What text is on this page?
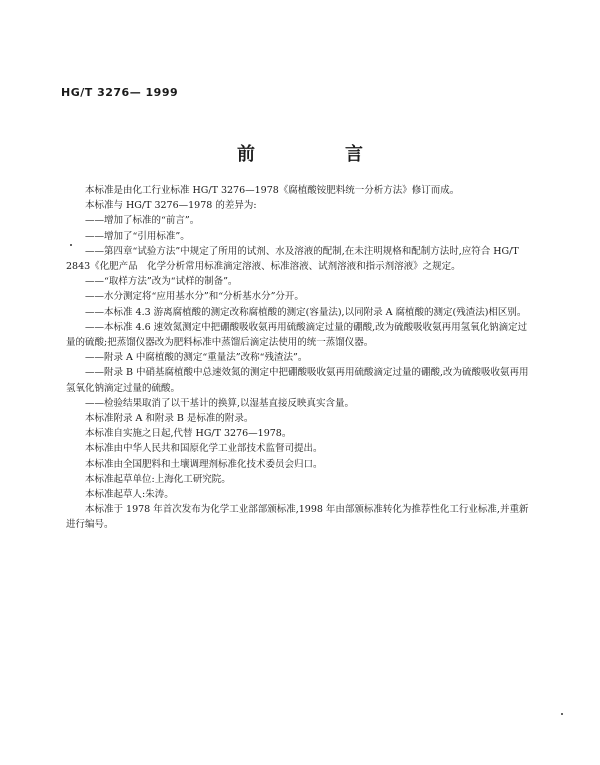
HG/T 3276— 1999
前　言

本标准是由化工行业标准 HG/T 3276—1978《腐植酸铵肥料统一分析方法》修订而成。

本标准与 HG/T 3276—1978 的差异为:

——增加了标准的“前言”。

——增加了“引用标准”。

——第四章“试验方法”中规定了所用的试剂、水及溶液的配制,在未注明规格和配制方法时,应符合 HG/T 2843《化肥产品　化学分析常用标准滴定溶液、标准溶液、试剂溶液和指示剂溶液》之规定。

——“取样方法”改为“试样的制备”。

——水分测定将“应用基水分”和“分析基水分”分开。

——本标准 4.3 游离腐植酸的测定改称腐植酸的测定(容量法),以同附录 A 腐植酸的测定(残渣法)相区别。

——本标准 4.6 速效氮测定中把硼酸吸收氨再用硫酸滴定过量的硼酸,改为硫酸吸收氨再用氢氧化钠滴定过量的硫酸;把蒸馏仪器改为肥料标准中蒸馏后滴定法使用的统一蒸馏仪器。

——附录 A 中腐植酸的测定“重量法”改称“残渣法”。

——附录 B 中硝基腐植酸中总速效氮的测定中把硼酸吸收氨再用硫酸滴定过量的硼酸,改为硫酸吸收氨再用氢氧化钠滴定过量的硫酸。

——检验结果取消了以干基计的换算,以湿基直接反映真实含量。

本标准附录 A 和附录 B 是标准的附录。

本标准自实施之日起,代替 HG/T 3276—1978。

本标准由中华人民共和国原化学工业部技术监督司提出。

本标准由全国肥料和土壤调理剂标准化技术委员会归口。

本标准起草单位:上海化工研究院。

本标准起草人:朱涛。

本标准于 1978 年首次发布为化学工业部部颁标准,1998 年由部颁标准转化为推荐性化工行业标准,并重新进行编号。
